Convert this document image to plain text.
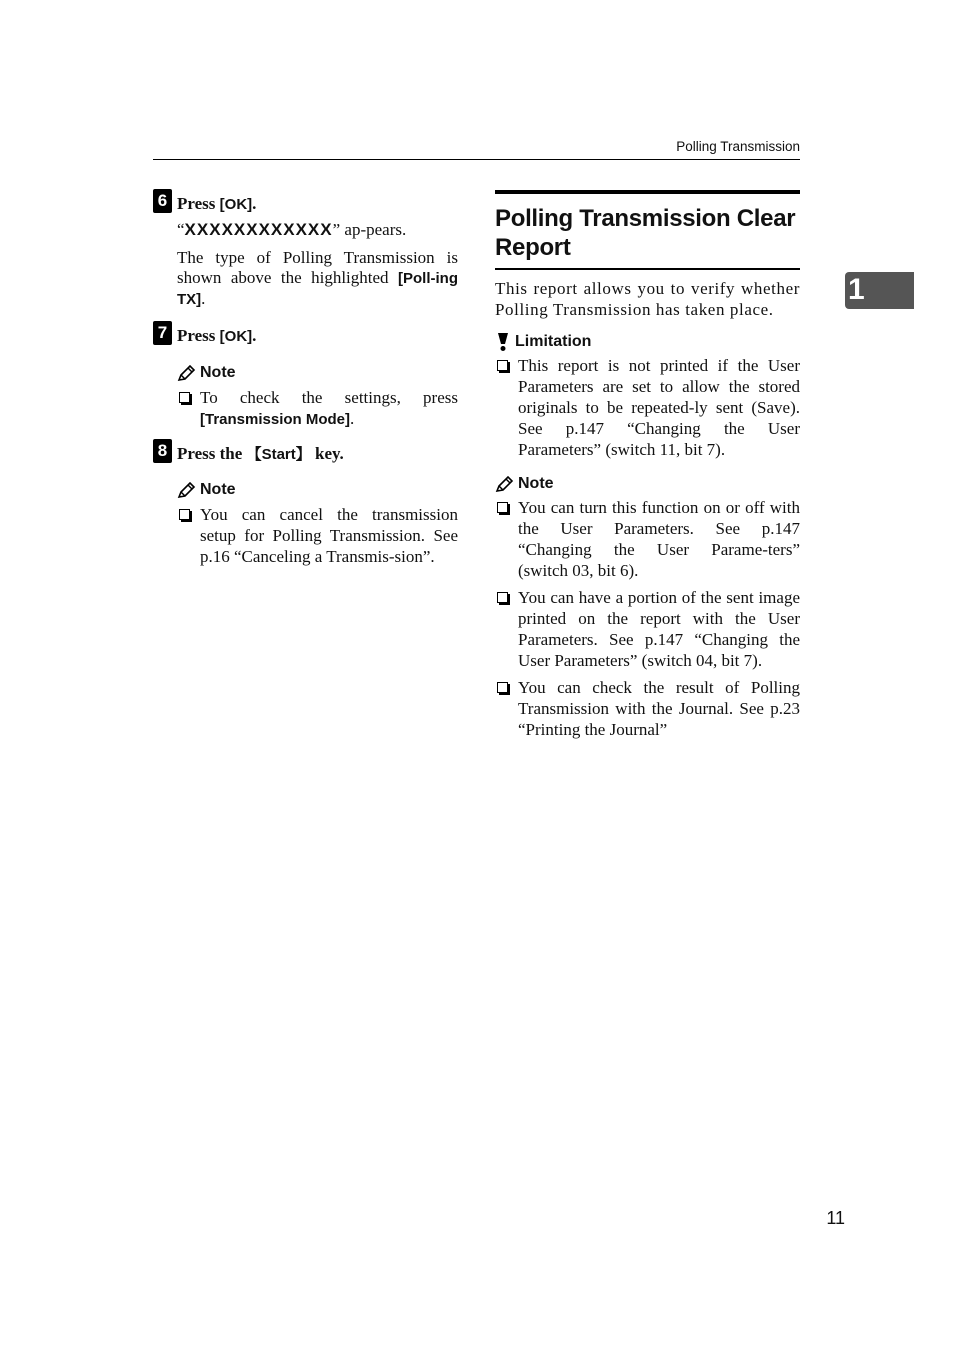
Polling Transmission
1
6 Press [OK].

“XXXXXXXXXXXX” ap-pears.

The type of Polling Transmission is shown above the highlighted [Poll-ing TX].

7 Press [OK].
Note
To check the settings, press [Transmission Mode].
8 Press the 【Start】 key.
Note
You can cancel the transmission setup for Polling Transmission. See p.16 “Canceling a Transmis-sion”.
Polling Transmission Clear Report

This report allows you to verify whether Polling Transmission has taken place.

Limitation
This report is not printed if the User Parameters are set to allow the stored originals to be repeated-ly sent (Save). See p.147 “Changing the User Parameters” (switch 11, bit 7).
Note
You can turn this function on or off with the User Parameters. See p.147 “Changing the User Parame-ters” (switch 03, bit 6).
You can have a portion of the sent image printed on the report with the User Parameters. See p.147 “Changing the User Parameters” (switch 04, bit 7).
You can check the result of Polling Transmission with the Journal. See p.23 “Printing the Journal”
11
